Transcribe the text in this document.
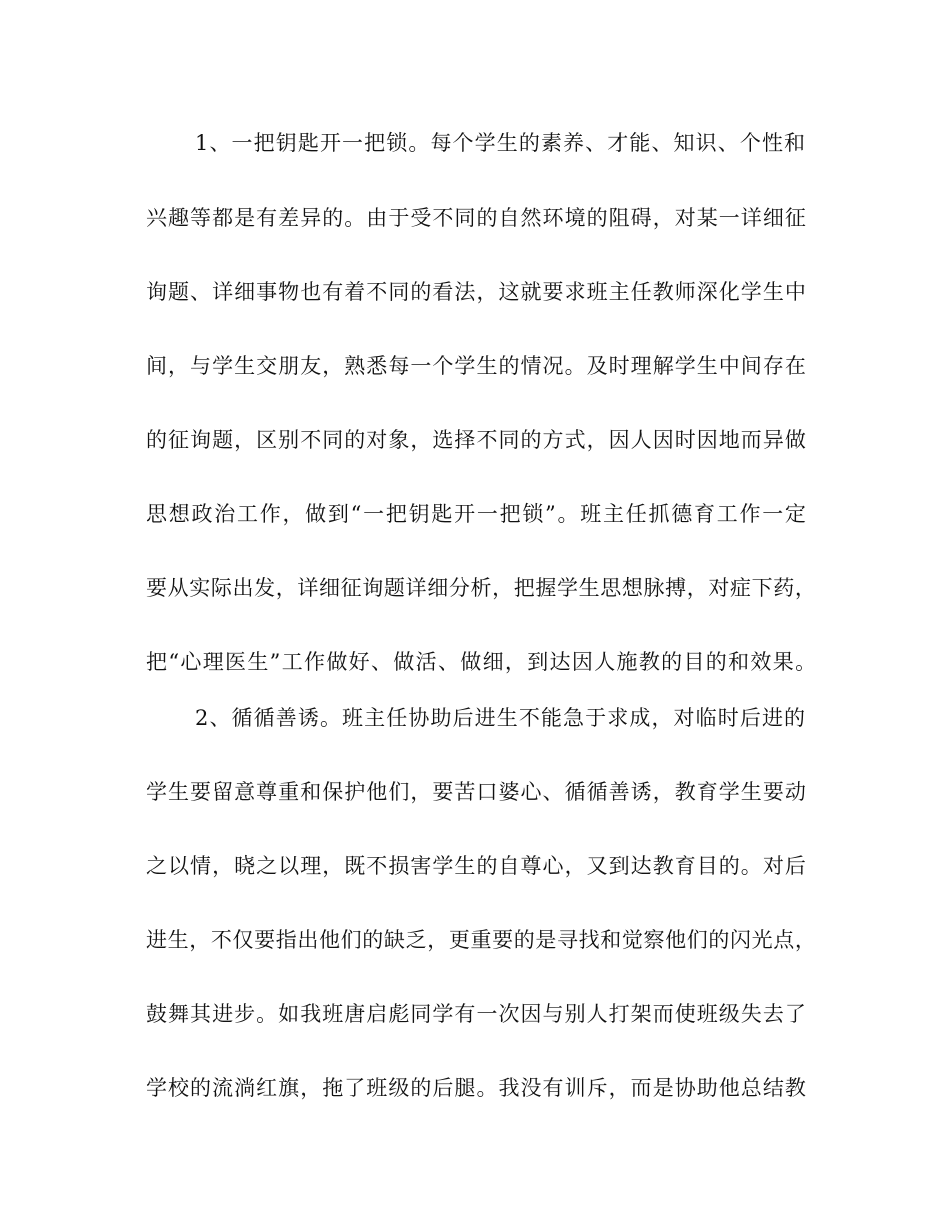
1、一把钥匙开一把锁。每个学生的素养、才能、知识、个性和
兴趣等都是有差异的。由于受不同的自然环境的阻碍，对某一详细征
询题、详细事物也有着不同的看法，这就要求班主任教师深化学生中
间，与学生交朋友，熟悉每一个学生的情况。及时理解学生中间存在
的征询题，区别不同的对象，选择不同的方式，因人因时因地而异做
思想政治工作，做到“一把钥匙开一把锁”。班主任抓德育工作一定
要从实际出发，详细征询题详细分析，把握学生思想脉搏，对症下药，
把“心理医生”工作做好、做活、做细，到达因人施教的目的和效果。
2、循循善诱。班主任协助后进生不能急于求成，对临时后进的
学生要留意尊重和保护他们，要苦口婆心、循循善诱，教育学生要动
之以情，晓之以理，既不损害学生的自尊心，又到达教育目的。对后
进生，不仅要指出他们的缺乏，更重要的是寻找和觉察他们的闪光点，
鼓舞其进步。如我班唐启彪同学有一次因与别人打架而使班级失去了
学校的流淌红旗，拖了班级的后腿。我没有训斥，而是协助他总结教
